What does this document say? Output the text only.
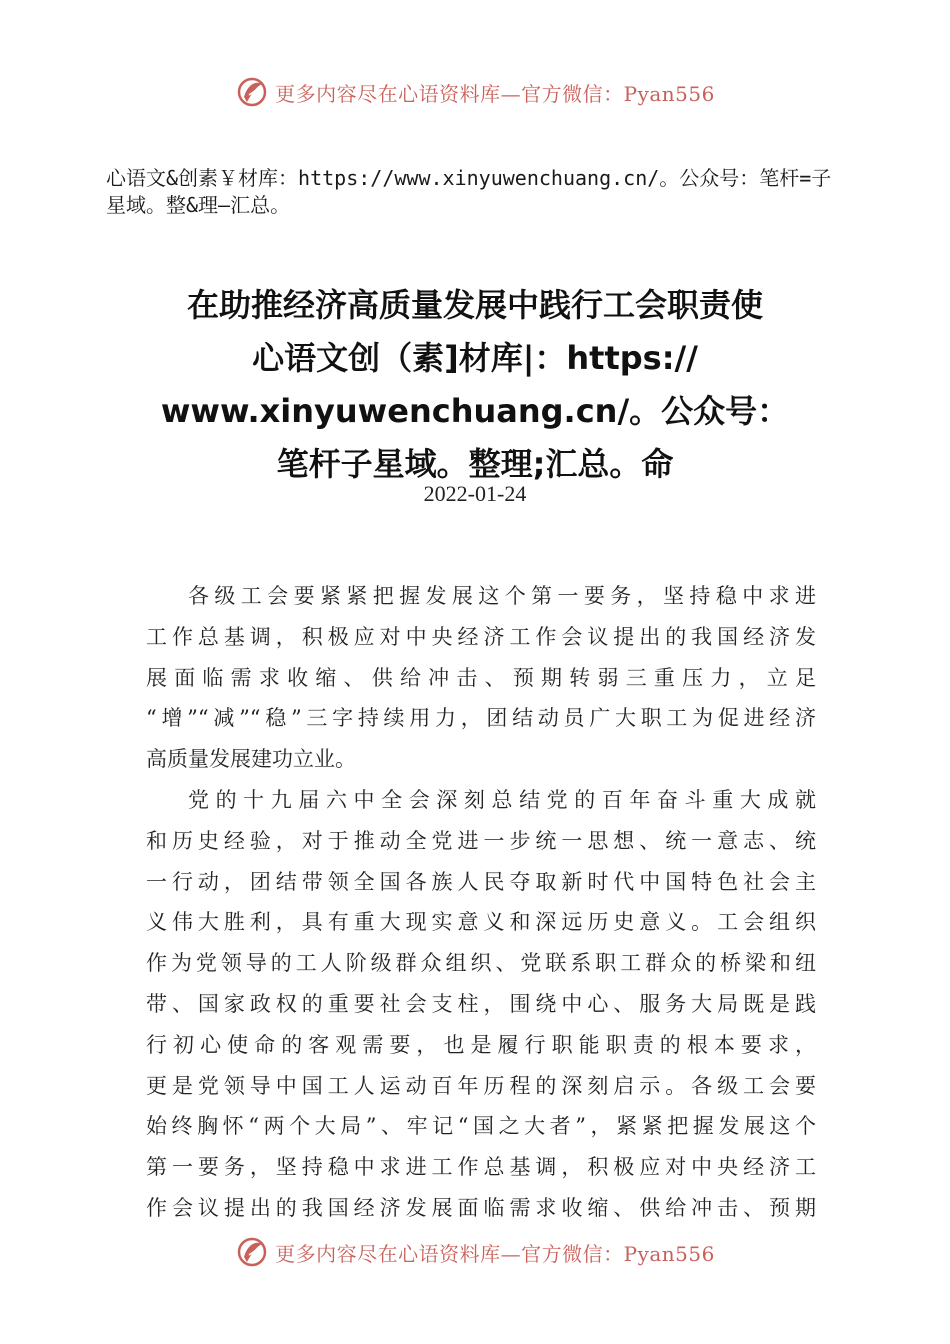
更多内容尽在心语资料库—官方微信：Pyan556
心语文&创素￥材库：https://www.xinyuwenchuang.cn/。公众号：笔杆=子星域。整&理—汇总。
在助推经济高质量发展中践行工会职责使
心语文创（素]材库|：https://
www.xinyuwenchuang.cn/。公众号：
笔杆子星域。整理;汇总。命
2022-01-24
各级工会要紧紧把握发展这个第一要务，坚持稳中求进
工作总基调，积极应对中央经济工作会议提出的我国经济发
展面临需求收缩、供给冲击、预期转弱三重压力，立足
“增”“减”“稳”三字持续用力，团结动员广大职工为促进经济
高质量发展建功立业。
党的十九届六中全会深刻总结党的百年奋斗重大成就
和历史经验，对于推动全党进一步统一思想、统一意志、统
一行动，团结带领全国各族人民夺取新时代中国特色社会主
义伟大胜利，具有重大现实意义和深远历史意义。工会组织
作为党领导的工人阶级群众组织、党联系职工群众的桥梁和纽
带、国家政权的重要社会支柱，围绕中心、服务大局既是践
行初心使命的客观需要，也是履行职能职责的根本要求，
更是党领导中国工人运动百年历程的深刻启示。各级工会要
始终胸怀“两个大局”、牢记“国之大者”，紧紧把握发展这个
第一要务，坚持稳中求进工作总基调，积极应对中央经济工
作会议提出的我国经济发展面临需求收缩、供给冲击、预期
更多内容尽在心语资料库—官方微信：Pyan556
